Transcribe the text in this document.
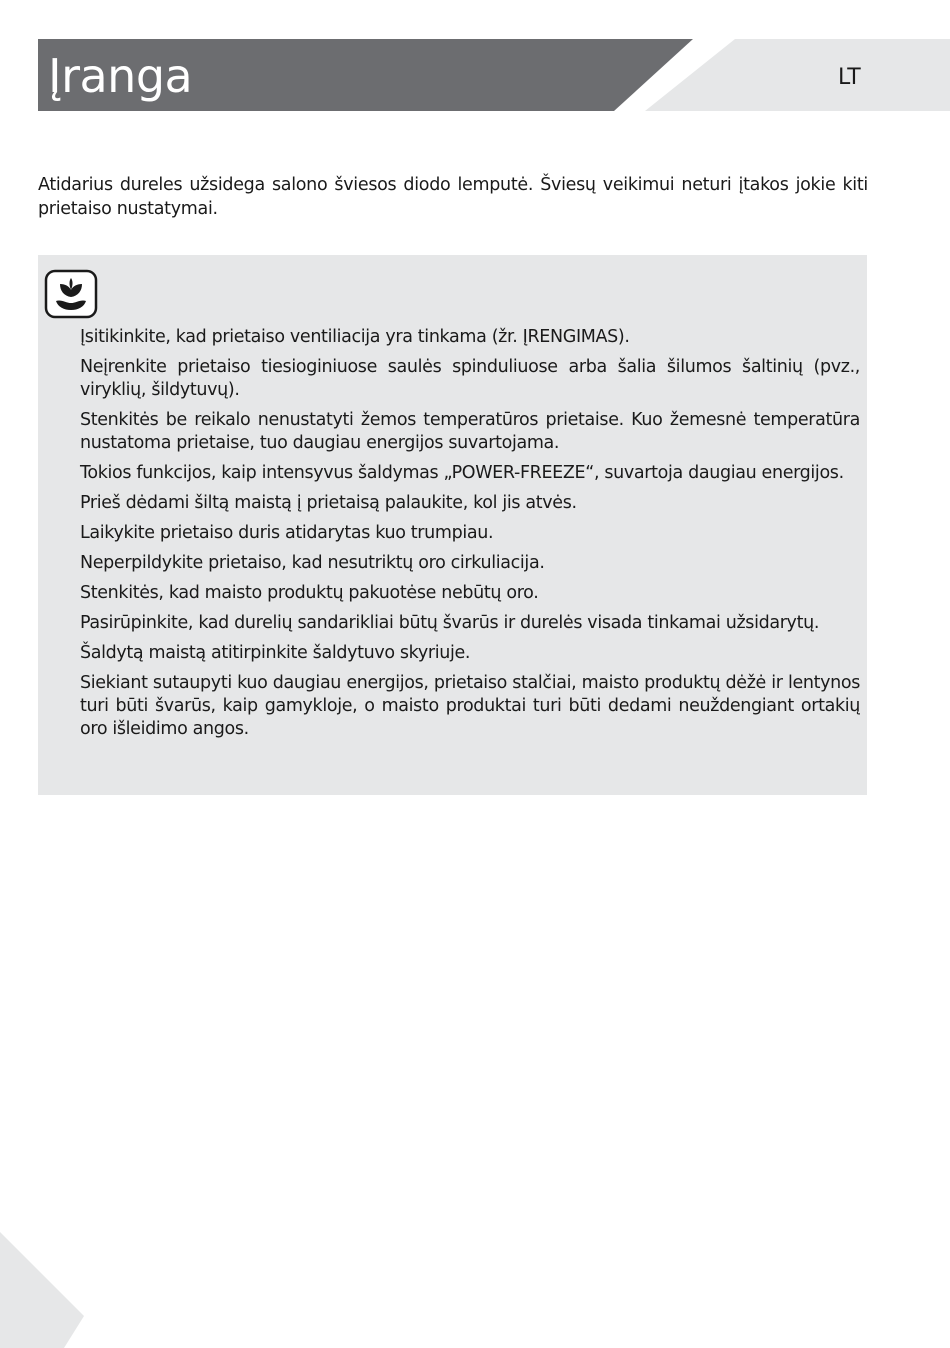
Įranga	LT

Atidarius dureles užsidega salono šviesos diodo lemputė. Šviesų veikimui neturi įtakos jokie kiti prietaiso nustatymai.

Įsitikinkite, kad prietaiso ventiliacija yra tinkama (žr. ĮRENGIMAS).
Neįrenkite prietaiso tiesioginiuose saulės spinduliuose arba šalia šilumos šaltinių (pvz., viryklių, šildytuvų).
Stenkitės be reikalo nenustatyti žemos temperatūros prietaise. Kuo žemesnė temperatūra nustatoma prietaise, tuo daugiau energijos suvartojama.
Tokios funkcijos, kaip intensyvus šaldymas „POWER-FREEZE“, suvartoja daugiau energijos.
Prieš dėdami šiltą maistą į prietaisą palaukite, kol jis atvės.
Laikykite prietaiso duris atidarytas kuo trumpiau.
Neperpildykite prietaiso, kad nesutriktų oro cirkuliacija.
Stenkitės, kad maisto produktų pakuotėse nebūtų oro.
Pasirūpinkite, kad durelių sandarikliai būtų švarūs ir durelės visada tinkamai užsidarytų.
Šaldytą maistą atitirpinkite šaldytuvo skyriuje.
Siekiant sutaupyti kuo daugiau energijos, prietaiso stalčiai, maisto produktų dėžė ir lentynos turi būti švarūs, kaip gamykloje, o maisto produktai turi būti dedami neuždengiant ortakių oro išleidimo angos.
